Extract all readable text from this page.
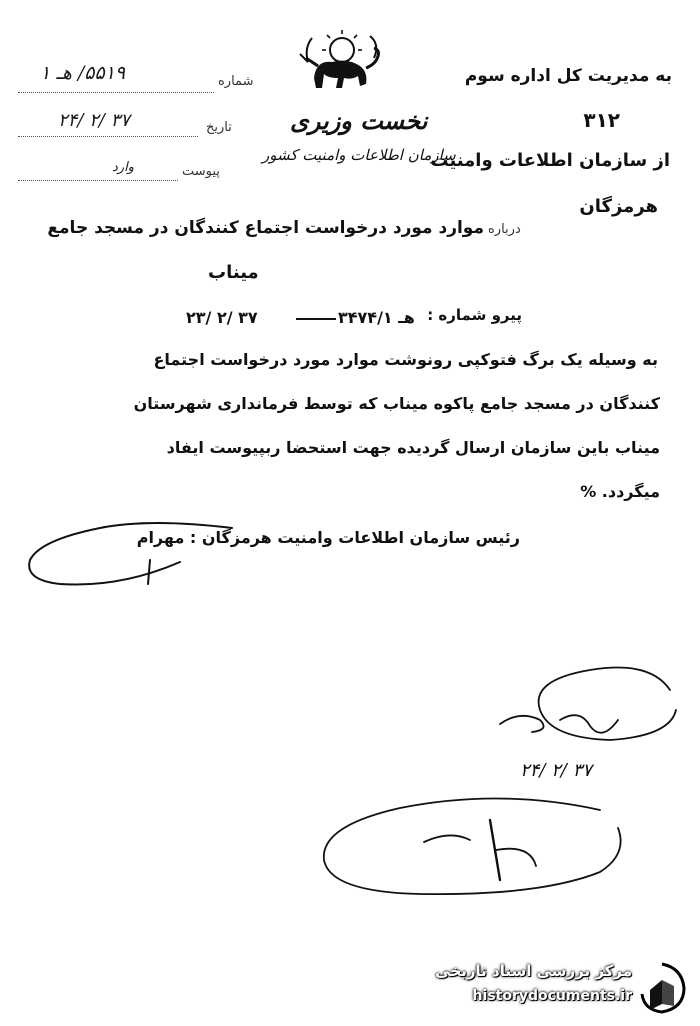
شماره
۵۵۱۹/ هـ ۱
تاریخ
۲۴/ ۲/ ۳۷
پیوست
وارد
نخست وزیری
سازمان اطلاعات وامنیت کشور
به مدیریت کل اداره سوم
۳۱۲
از سازمان اطلاعات وامنیت
هرمزگان
درباره
موارد مورد درخواست اجتماع کنندگان در مسجد جامع
میناب
پیرو شماره :
۳۴۷۴/هـ ۱
۲۳/ ۲/ ۳۷
به وسیله یک برگ فتوکپی رونوشت موارد مورد درخواست اجتماع
کنندگان در مسجد جامع پاکوه میناب که توسط فرمانداری شهرستان
میناب باین سازمان ارسال گردیده جهت استحضا ربپیوست ایفاد
میگردد. %
رئیس سازمان اطلاعات وامنیت هرمزگان : مهرام
۲۴/ ۲/ ۳۷
مرکز بررسی اسناد تاریخی
historydocuments.ir
